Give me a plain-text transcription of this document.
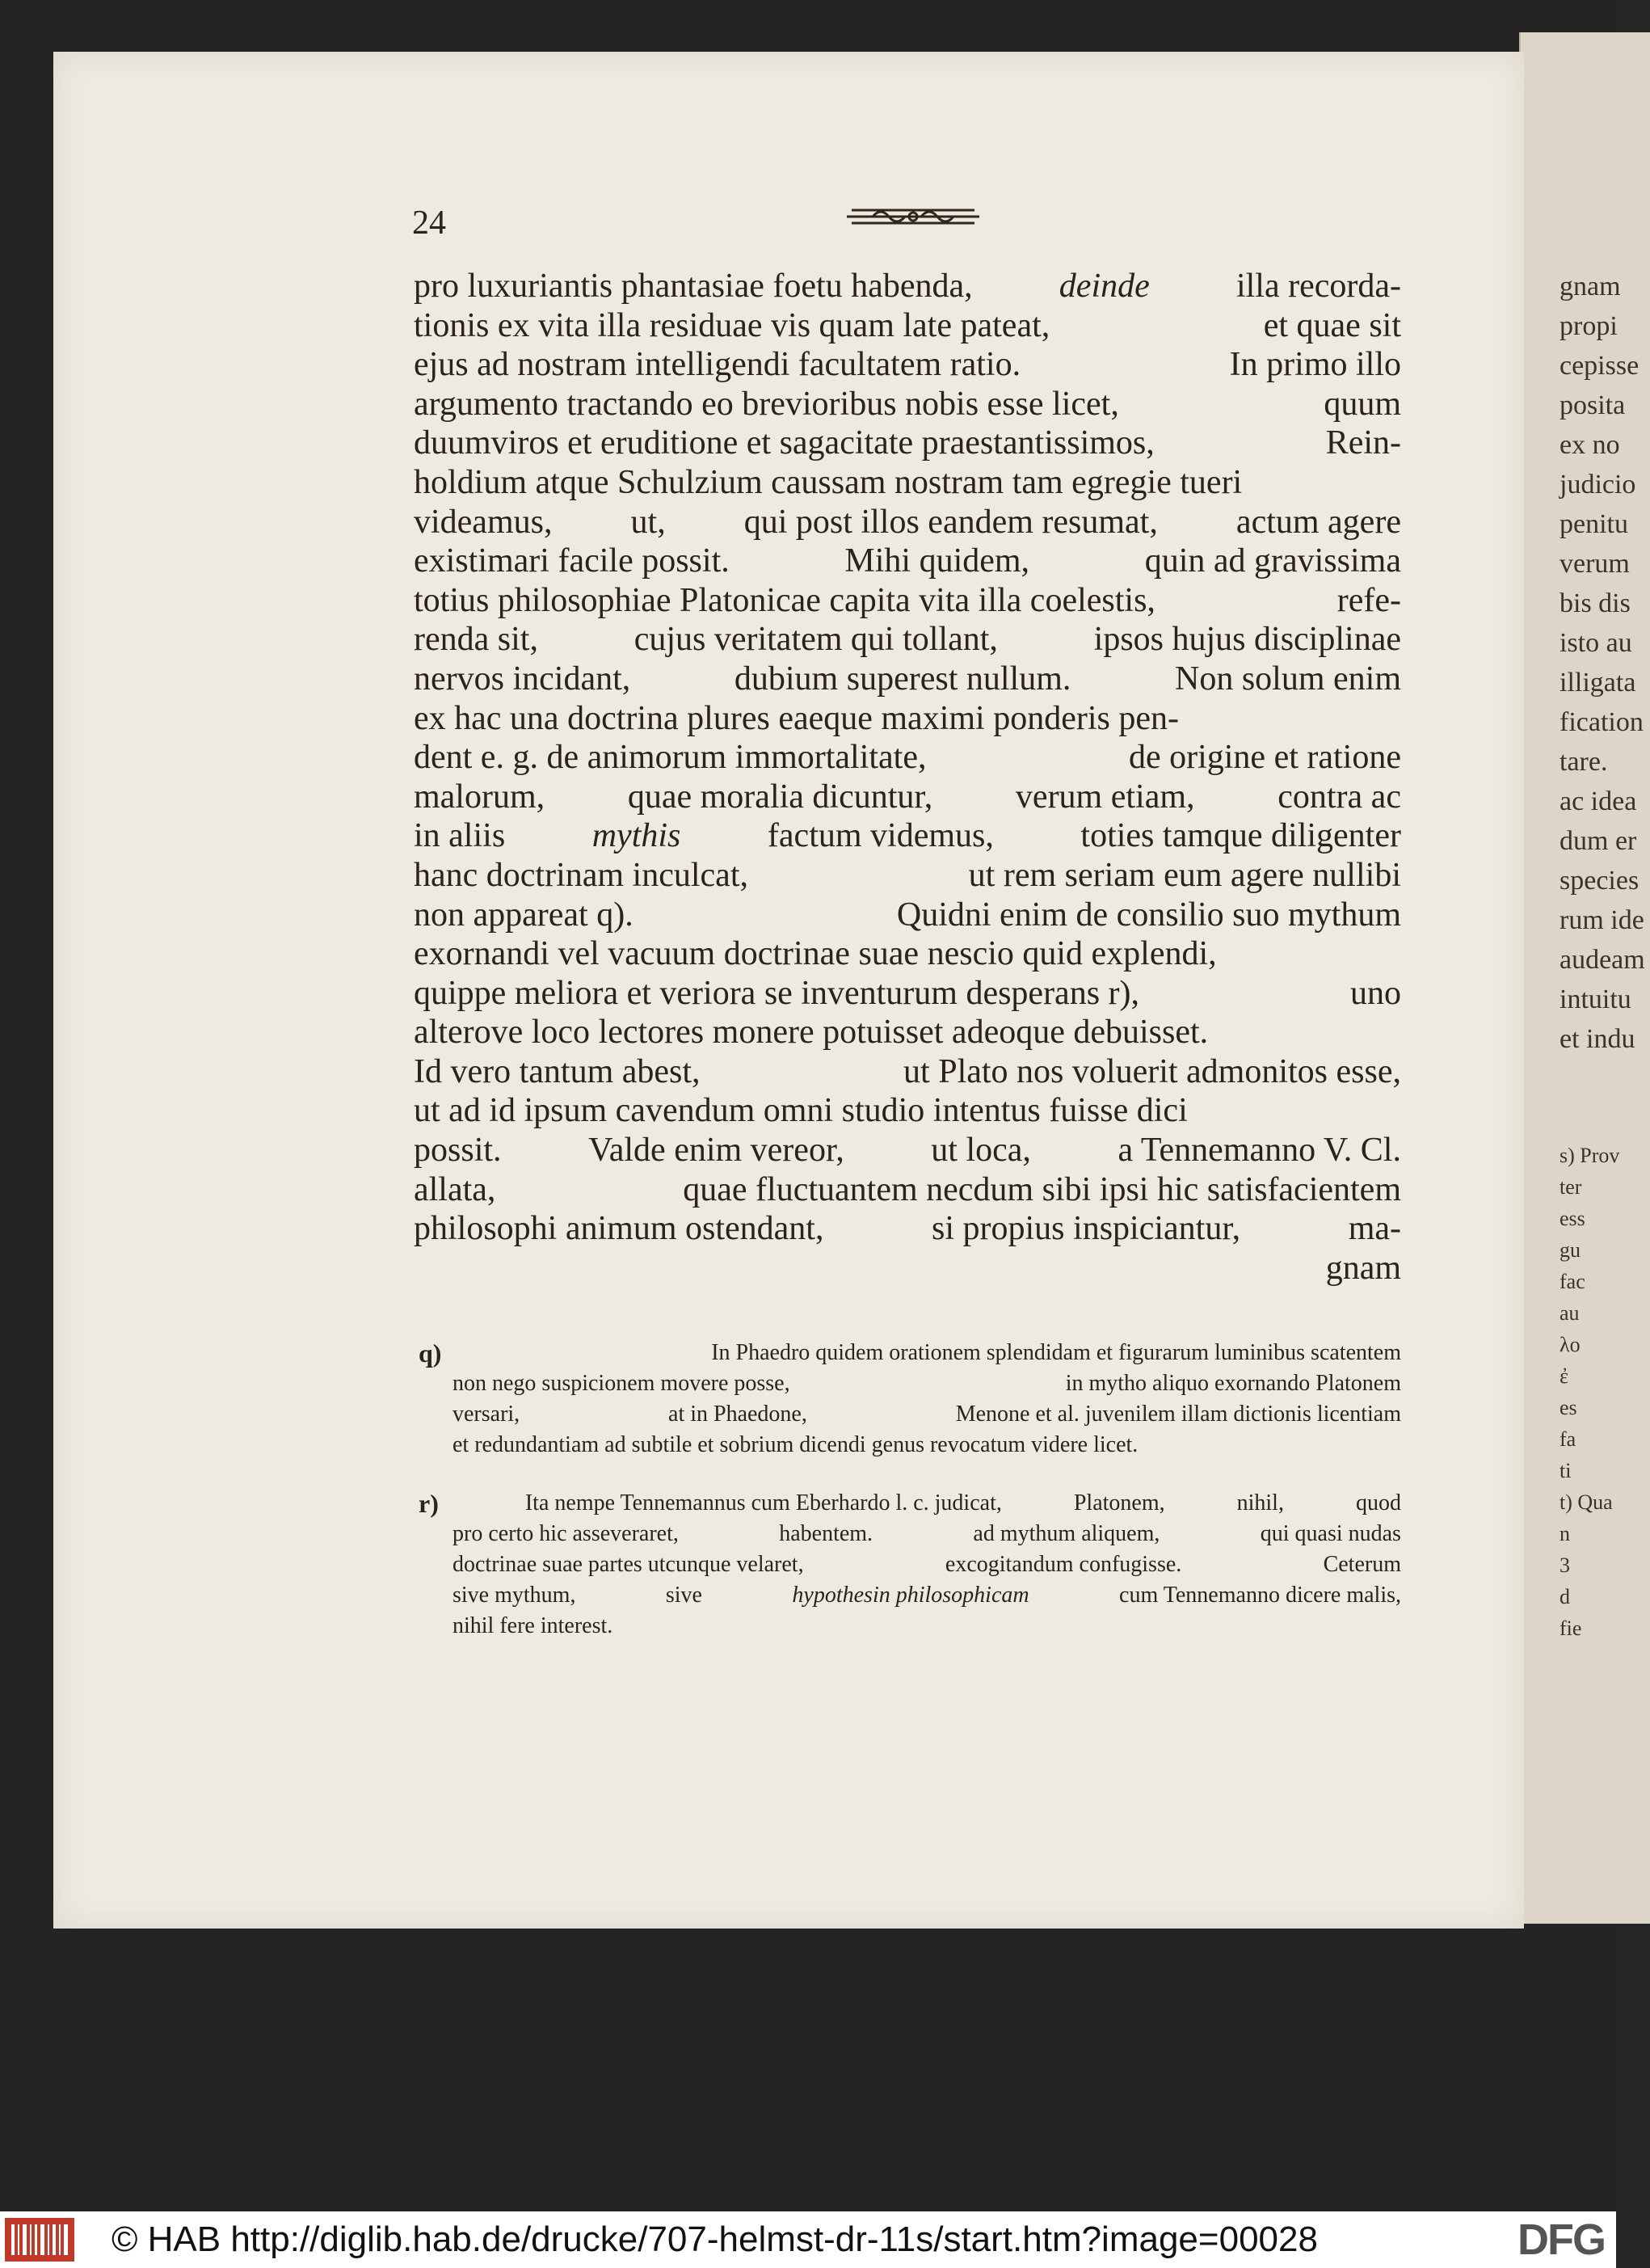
gnam
propi
cepisse
posita
ex no
judicio
penitu
verum
bis dis
isto au
illigata
fication
tare.
ac idea
dum er
species
rum ide
audeam
intuitu
et indu
s) Prov
ter
ess
gu
fac
au
λο
ἐ
es
fa
ti
t) Qua
n
3
d
fie
24
pro luxuriantis phantasiae foetu habenda,	deinde	illa recorda-
tionis ex vita illa residuae vis quam late pateat,	et quae sit
ejus ad nostram intelligendi facultatem ratio.	In primo illo
argumento tractando eo brevioribus nobis esse licet,	quum
duumviros et eruditione et sagacitate praestantissimos,	Rein-
holdium atque Schulzium caussam nostram tam egregie tueri
videamus, ut, qui post illos eandem resumat, actum agere
existimari facile possit.	Mihi quidem,	quin ad gravissima
totius philosophiae Platonicae capita vita illa coelestis,	refe-
renda sit,	cujus veritatem qui tollant,	ipsos hujus disciplinae
nervos incidant,	dubium superest nullum.	Non solum enim
ex hac una doctrina plures eaeque maximi ponderis pen-
dent e. g. de animorum immortalitate,	de origine et ratione
malorum, quae moralia dicuntur, verum etiam, contra ac
in aliis	mythis	factum videmus,	toties tamque diligenter
hanc doctrinam inculcat,	ut rem seriam eum agere nullibi
non appareat q).	Quidni enim de consilio suo mythum
exornandi vel vacuum doctrinae suae nescio quid explendi,
quippe meliora et veriora se inventurum desperans r),	uno
alterove loco lectores monere potuisset adeoque debuisset.
Id vero tantum abest,	ut Plato nos voluerit admonitos esse,
ut ad id ipsum cavendum omni studio intentus fuisse dici
possit.	Valde enim vereor,	ut loca,	a Tennemanno V. Cl.
allata,	quae fluctuantem necdum sibi ipsi hic satisfacientem
philosophi animum ostendant,	si propius inspiciantur,	ma-
gnam
q)	In Phaedro quidem orationem splendidam et figurarum luminibus scatentem
non nego suspicionem movere posse,	in mytho aliquo exornando Platonem
versari,	at in Phaedone,	Menone et al. juvenilem illam dictionis licentiam
et redundantiam ad subtile et sobrium dicendi genus revocatum videre licet.
r)	Ita nempe Tennemannus cum Eberhardo l. c. judicat,	Platonem,	nihil,	quod
pro certo hic asseveraret,	habentem.	ad mythum aliquem,	qui quasi nudas
doctrinae suae partes utcunque velaret,	excogitandum confugisse.	Ceterum
sive mythum,	sive	hypothesin philosophicam	cum Tennemanno dicere malis,
nihil fere interest.
© HAB http://diglib.hab.de/drucke/707-helmst-dr-11s/start.htm?image=00028	DFG
